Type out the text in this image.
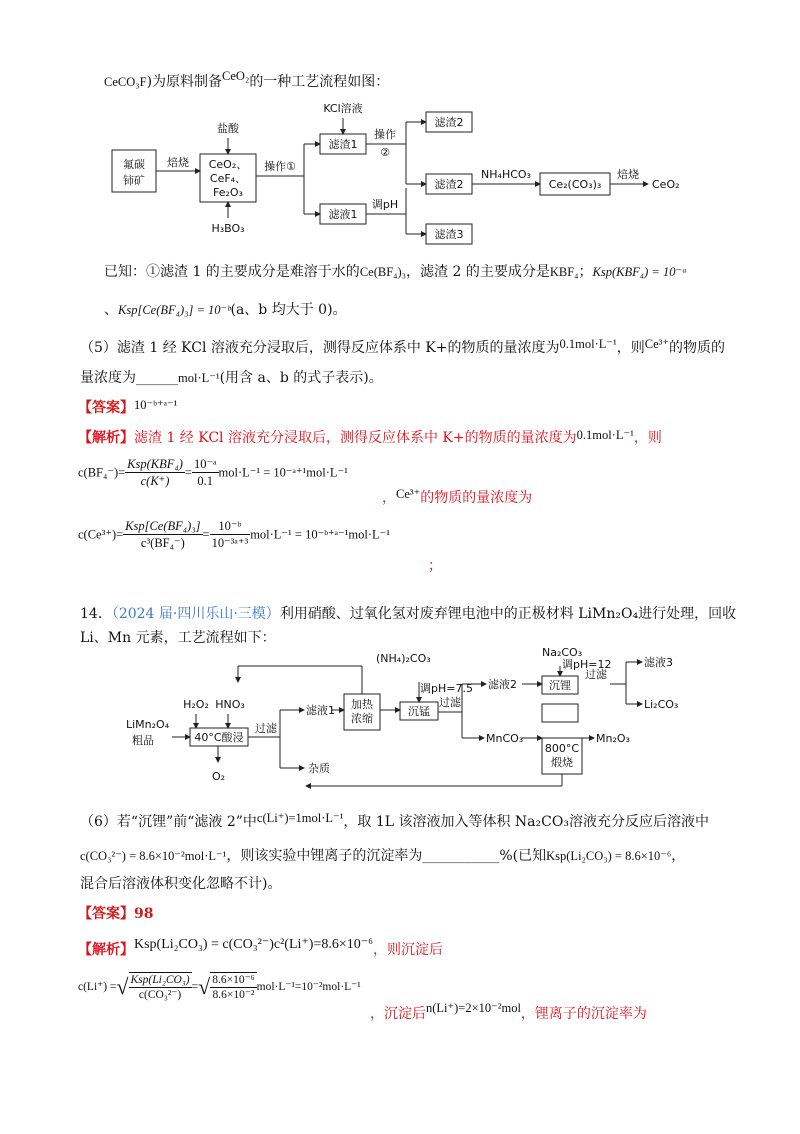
CeCO₃F)为原料制备CeO₂的一种工艺流程如图：
氟碳
铈矿
焙烧
盐酸
CeO₂、
CeF₄、
Fe₂O₃
H₃BO₃
操作①
KCl溶液
滤渣1
操作
②
滤渣2
滤渣2
滤渣3
滤液1
调pH
NH₄HCO₃
Ce₂(CO₃)₃
焙烧
CeO₂
已知：①滤渣 1 的主要成分是难溶于水的Ce(BF₄)₃，滤渣 2 的主要成分是KBF₄；Ksp(KBF₄) = 10⁻ᵃ
、Ksp[Ce(BF₄)₃] = 10⁻ᵇ(a、b 均大于 0)。
（5）滤渣 1 经 KCl 溶液充分浸取后，测得反应体系中 K+的物质的量浓度为0.1mol·L⁻¹，则Ce³⁺的物质的
量浓度为______mol·L⁻¹(用含 a、b 的式子表示)。
【答案】10⁻ᵇ⁺ᵃ⁻¹
【解析】滤渣 1 经 KCl 溶液充分浸取后，测得反应体系中 K+的物质的量浓度为0.1mol·L⁻¹，则
$c(BF_4^-)= \frac{\text{Ksp(KBF₄)}}{c(K^+)} = \frac{\text{10⁻ᵃ}}{0.1} mol\cdot L^{-1}$ = 10⁻ᵃ⁺¹mol·L⁻¹
，Ce³⁺的物质的量浓度为
$c(Ce^{3+})= \frac{\text{Ksp[Ce(BF₄)₃]}}{\text{c³(BF₄⁻)}} = \frac{\text{10⁻ᵇ}}{\text{10⁻³ᵃ⁺³}} mol\cdot L^{-1}$ = 10⁻ᵇ⁺ᵃ⁻¹mol·L⁻¹
；
14．（2024 届·四川乐山·三模）利用硝酸、过氧化氢对废弃锂电池中的正极材料 LiMn₂O₄进行处理，回收
Li、Mn 元素，工艺流程如下：
LiMn₂O₄
粗品
H₂O₂ HNO₃
40°C酸浸
过滤
O₂
杂质
滤液1 加热
浓缩
(NH₄)₂CO₃
调pH=7.5
沉锰
过滤
滤液2
Na₂CO₃
调pH=12
沉锂
过滤
滤液3
Li₂CO₃
MnCO₃
800°C
煅烧
Mn₂O₃
（6）若“沉锂”前“滤液 2”中c(Li⁺)=1mol·L⁻¹，取 1L 该溶液加入等体积 Na₂CO₃溶液充分反应后溶液中
c(CO₃²⁻) = 8.6×10⁻²mol·L⁻¹，则该实验中锂离子的沉淀率为___________%(已知Ksp(Li₂CO₃) = 8.6×10⁻⁶，
混合后溶液体积变化忽略不计)。
【答案】98
【解析】Ksp(Li₂CO₃) = c(CO₃²⁻)c²(Li⁺)=8.6×10⁻⁶，则沉淀后
c(Li⁺) =√ $\frac{\text{Ksp(Li₂CO₃)}}{\text{c(CO₃²⁻)}}$ =√ $\frac{\text{8.6×10⁻⁶}}{\text{8.6×10⁻²}} mol\cdot L^{-1}=10^{-2}mol\cdot L^{-1}$
，沉淀后n(Li⁺)=2×10⁻²mol，锂离子的沉淀率为
